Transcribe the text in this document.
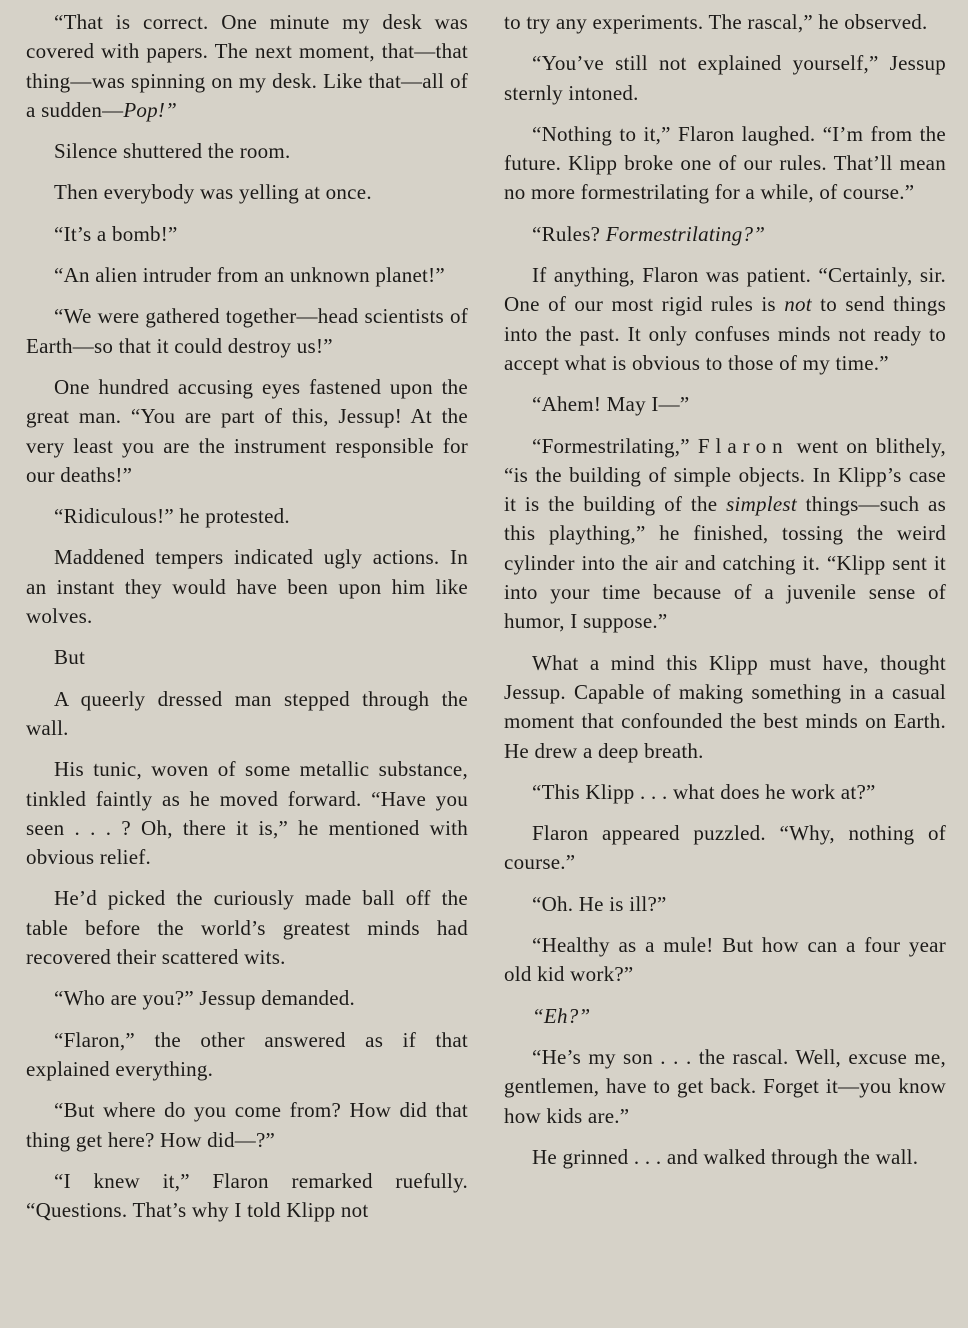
“That is correct. One minute my desk was covered with papers. The next moment, that—that thing—was spinning on my desk. Like that—all of a sudden—Pop!”

Silence shuttered the room.

Then everybody was yelling at once.

“It’s a bomb!”

“An alien intruder from an unknown planet!”

“We were gathered together—head scientists of Earth—so that it could destroy us!”

One hundred accusing eyes fastened upon the great man. “You are part of this, Jessup! At the very least you are the instrument responsible for our deaths!”

“Ridiculous!” he protested.

Maddened tempers indicated ugly actions. In an instant they would have been upon him like wolves.

But

A queerly dressed man stepped through the wall.

His tunic, woven of some metallic substance, tinkled faintly as he moved forward. “Have you seen . . . ? Oh, there it is,” he mentioned with obvious relief.

He’d picked the curiously made ball off the table before the world’s greatest minds had recovered their scattered wits.

“Who are you?” Jessup demanded.

“Flaron,” the other answered as if that explained everything.

“But where do you come from? How did that thing get here? How did—?”

“I knew it,” Flaron remarked ruefully. “Questions. That’s why I told Klipp not

to try any experiments. The rascal,” he observed.

“You’ve still not explained yourself,” Jessup sternly intoned.

“Nothing to it,” Flaron laughed. “I’m from the future. Klipp broke one of our rules. That’ll mean no more formestrilating for a while, of course.”

“Rules? Formestrilating?”

If anything, Flaron was patient. “Certainly, sir. One of our most rigid rules is not to send things into the past. It only confuses minds not ready to accept what is obvious to those of my time.”

“Ahem! May I—”

“Formestrilating,” Flaron went on blithely, “is the building of simple objects. In Klipp’s case it is the building of the simplest things—such as this plaything,” he finished, tossing the weird cylinder into the air and catching it. “Klipp sent it into your time because of a juvenile sense of humor, I suppose.”

What a mind this Klipp must have, thought Jessup. Capable of making something in a casual moment that confounded the best minds on Earth. He drew a deep breath.

“This Klipp . . . what does he work at?”

Flaron appeared puzzled. “Why, nothing of course.”

“Oh. He is ill?”

“Healthy as a mule! But how can a four year old kid work?”

“Eh?”

“He’s my son . . . the rascal. Well, excuse me, gentlemen, have to get back. Forget it—you know how kids are.”

He grinned . . . and walked through the wall.
